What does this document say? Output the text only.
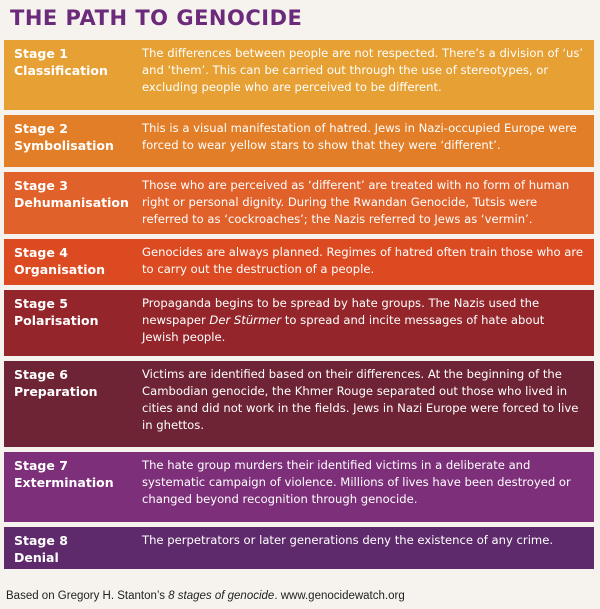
THE PATH TO GENOCIDE
Stage 1
Classification
The differences between people are not respected. There’s a division of ‘us’ and ‘them’. This can be carried out through the use of stereotypes, or excluding people who are perceived to be different.
Stage 2
Symbolisation
This is a visual manifestation of hatred. Jews in Nazi-occupied Europe were forced to wear yellow stars to show that they were ‘different’.
Stage 3
Dehumanisation
Those who are perceived as ‘different’ are treated with no form of human right or personal dignity. During the Rwandan Genocide, Tutsis were referred to as ‘cockroaches’; the Nazis referred to Jews as ‘vermin’.
Stage 4
Organisation
Genocides are always planned. Regimes of hatred often train those who are to carry out the destruction of a people.
Stage 5
Polarisation
Propaganda begins to be spread by hate groups. The Nazis used the newspaper Der Stürmer to spread and incite messages of hate about Jewish people.
Stage 6
Preparation
Victims are identified based on their differences. At the beginning of the Cambodian genocide, the Khmer Rouge separated out those who lived in cities and did not work in the fields. Jews in Nazi Europe were forced to live in ghettos.
Stage 7
Extermination
The hate group murders their identified victims in a deliberate and systematic campaign of violence. Millions of lives have been destroyed or changed beyond recognition through genocide.
Stage 8
Denial
The perpetrators or later generations deny the existence of any crime.
Based on Gregory H. Stanton’s 8 stages of genocide. www.genocidewatch.org
